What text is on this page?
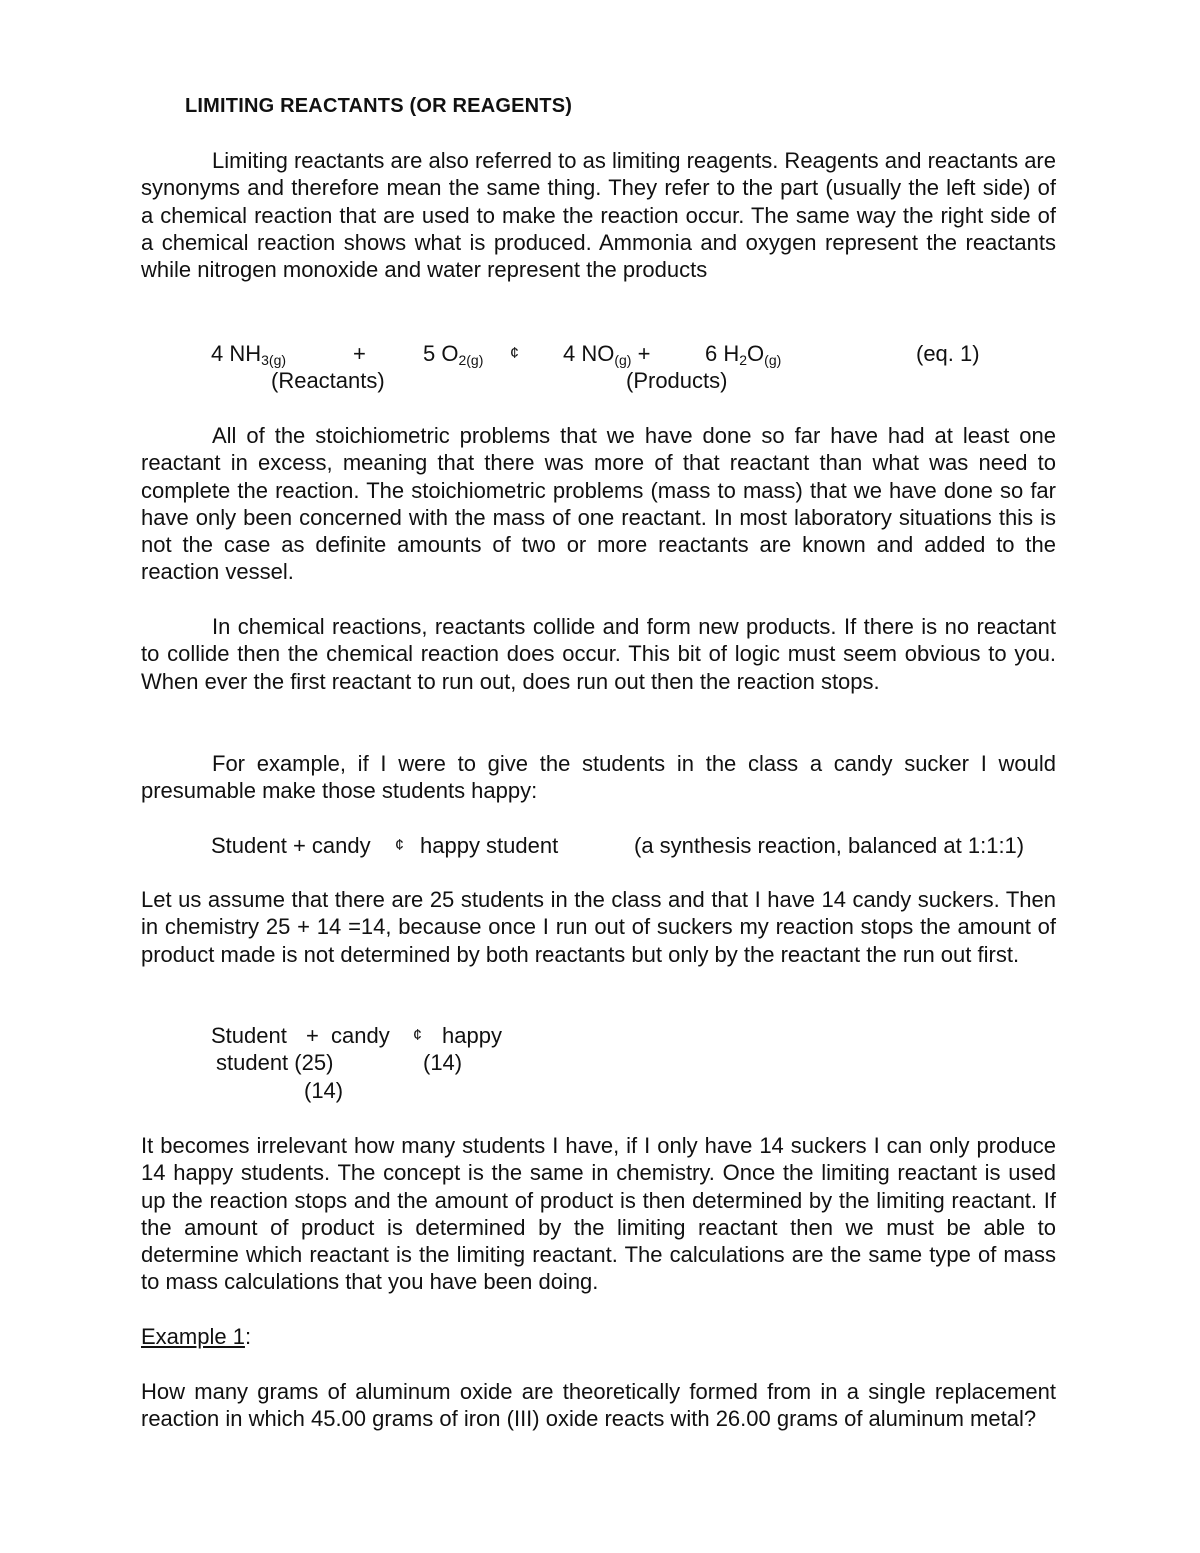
LIMITING REACTANTS (OR REAGENTS)

Limiting reactants are also referred to as limiting reagents. Reagents and reactants are synonyms and therefore mean the same thing. They refer to the part (usually the left side) of a chemical reaction that are used to make the reaction occur. The same way the right side of a chemical reaction shows what is produced. Ammonia and oxygen represent the reactants while nitrogen monoxide and water represent the products

4 $NH_{3(g)}$	+	5 $O_{2(g)}$ ¢ 4 $NO_{(g)} + 6$ $H_2O_{(g)}$	(eq. 1)
(Reactants)	(Products)

All of the stoichiometric problems that we have done so far have had at least one reactant in excess, meaning that there was more of that reactant than what was need to complete the reaction. The stoichiometric problems (mass to mass) that we have done so far have only been concerned with the mass of one reactant. In most laboratory situations this is not the case as definite amounts of two or more reactants are known and added to the reaction vessel.

In chemical reactions, reactants collide and form new products. If there is no reactant to collide then the chemical reaction does occur. This bit of logic must seem obvious to you. When ever the first reactant to run out, does run out then the reaction stops.

For example, if I were to give the students in the class a candy sucker I would presumable make those students happy:

Student + candy ¢ happy student	(a synthesis reaction, balanced at 1:1:1)

Let us assume that there are 25 students in the class and that I have 14 candy suckers. Then in chemistry 25 + 14 =14, because once I run out of suckers my reaction stops the amount of product made is not determined by both reactants but only by the reactant the run out first.

Student + candy ¢ happy
student (25)	(14)
(14)

It becomes irrelevant how many students I have, if I only have 14 suckers I can only produce 14 happy students. The concept is the same in chemistry. Once the limiting reactant is used up the reaction stops and the amount of product is then determined by the limiting reactant. If the amount of product is determined by the limiting reactant then we must be able to determine which reactant is the limiting reactant. The calculations are the same type of mass to mass calculations that you have been doing.

Example 1:

How many grams of aluminum oxide are theoretically formed from in a single replacement reaction in which 45.00 grams of iron (III) oxide reacts with 26.00 grams of aluminum metal?
